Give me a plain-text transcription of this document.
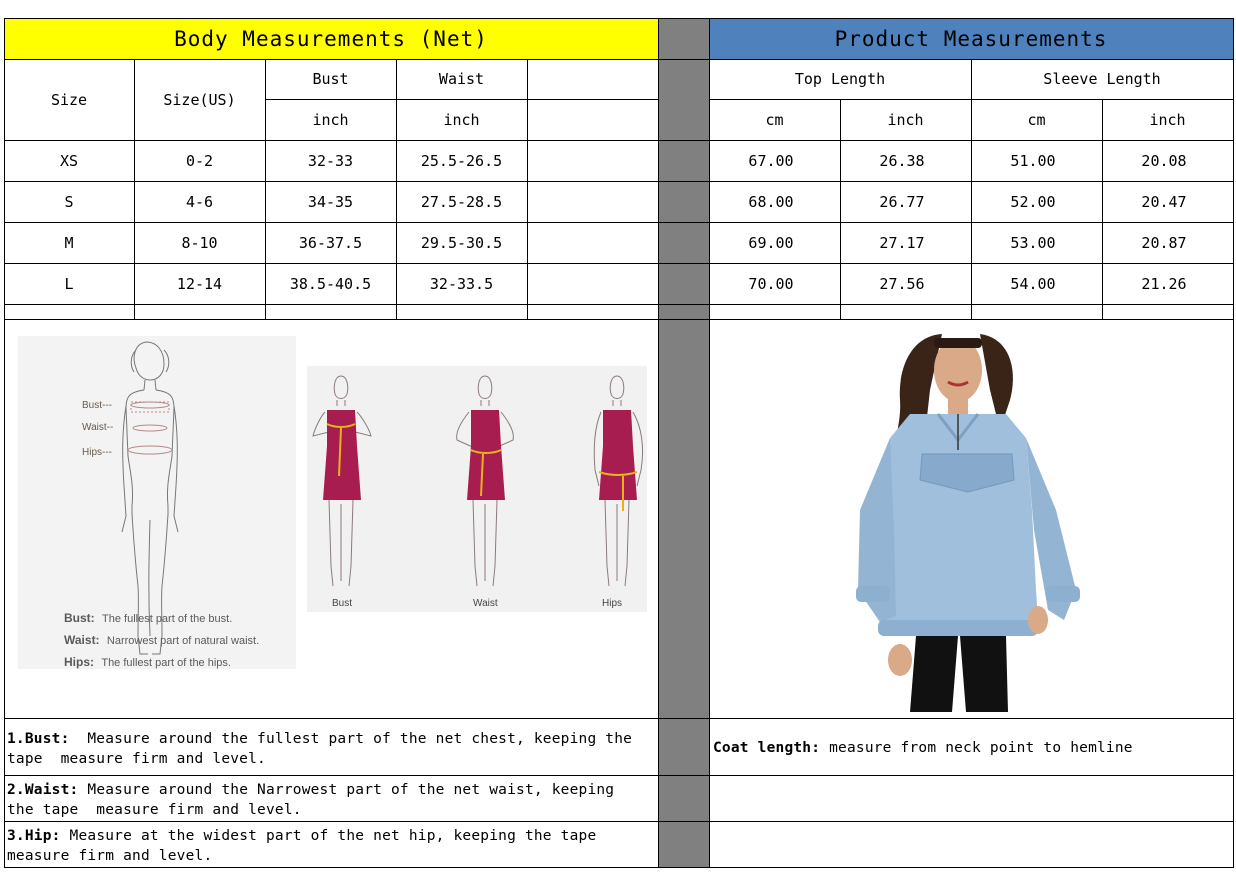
Body Measurements (Net)	Product Measurements
Size	Size(US)
Bust	Waist
inch	inch
Top Length	Sleeve Length
cm	inch	cm	inch
XS	0-2	32-33	25.5-26.5	67.00	26.38	51.00	20.08
S	4-6	34-35	27.5-28.5	68.00	26.77	52.00	20.47
M	8-10	36-37.5	29.5-30.5	69.00	27.17	53.00	20.87
L	12-14	38.5-40.5	32-33.5	70.00	27.56	54.00	21.26
Bust---
Waist--
Hips---
Bust: The fullest part of the bust.
Waist: Narrowest part of natural waist.
Hips: The fullest part of the hips.
Bust	Waist	Hips
1.Bust:  Measure around the fullest part of the net chest, keeping the
tape  measure firm and level.
2.Waist: Measure around the Narrowest part of the net waist, keeping
the tape  measure firm and level.
3.Hip: Measure at the widest part of the net hip, keeping the tape
measure firm and level.
Coat length: measure from neck point to hemline
